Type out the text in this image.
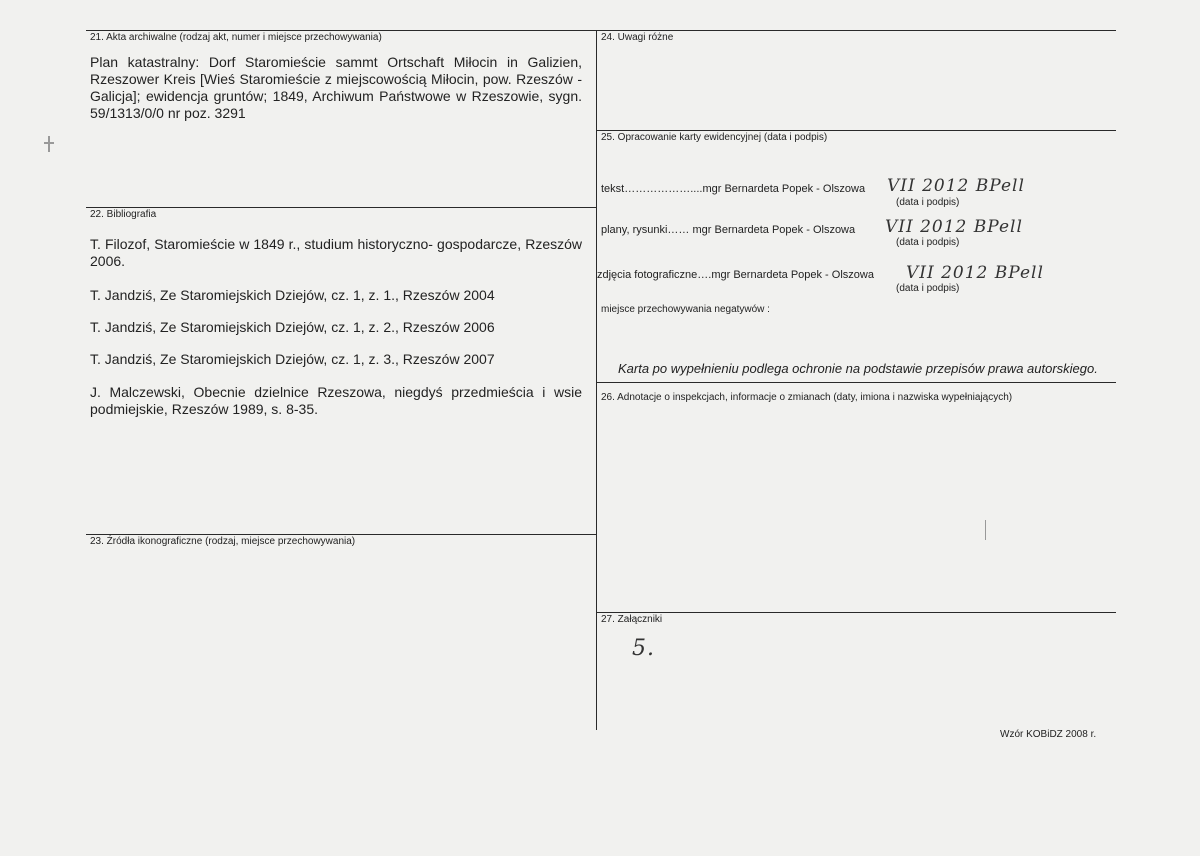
21. Akta archiwalne (rodzaj akt, numer i miejsce przechowywania)
Plan katastralny: Dorf Staromieście sammt Ortschaft Miłocin in Galizien, Rzeszower Kreis [Wieś Staromieście z miejscowością Miłocin, pow. Rzeszów - Galicja]; ewidencja gruntów; 1849, Archiwum Państwowe w Rzeszowie, sygn. 59/1313/0/0 nr poz. 3291
22. Bibliografia
T. Filozof, Staromieście w 1849 r., studium historyczno- gospodarcze, Rzeszów 2006.
T. Jandziś, Ze Staromiejskich Dziejów, cz. 1, z. 1., Rzeszów 2004
T. Jandziś, Ze Staromiejskich Dziejów, cz. 1, z. 2., Rzeszów 2006
T. Jandziś, Ze Staromiejskich Dziejów, cz. 1, z. 3., Rzeszów 2007
J. Malczewski, Obecnie dzielnice Rzeszowa, niegdyś przedmieścia i wsie podmiejskie, Rzeszów 1989, s. 8-35.
23. Źródła ikonograficzne (rodzaj, miejsce przechowywania)
24. Uwagi różne
25. Opracowanie karty ewidencyjnej (data i podpis)
tekst………………....mgr Bernardeta Popek - Olszowa VII 2012 BPell
(data i podpis)
plany, rysunki…… mgr Bernardeta Popek - Olszowa VII 2012 BPell
(data i podpis)
zdjęcia fotograficzne….mgr Bernardeta Popek - Olszowa VII 2012 BPell
(data i podpis)
miejsce przechowywania negatywów :
Karta po wypełnieniu podlega ochronie na podstawie przepisów prawa autorskiego.
26. Adnotacje o inspekcjach, informacje o zmianach (daty, imiona i nazwiska wypełniających)
27. Załączniki
5.
Wzór KOBiDZ 2008 r.
